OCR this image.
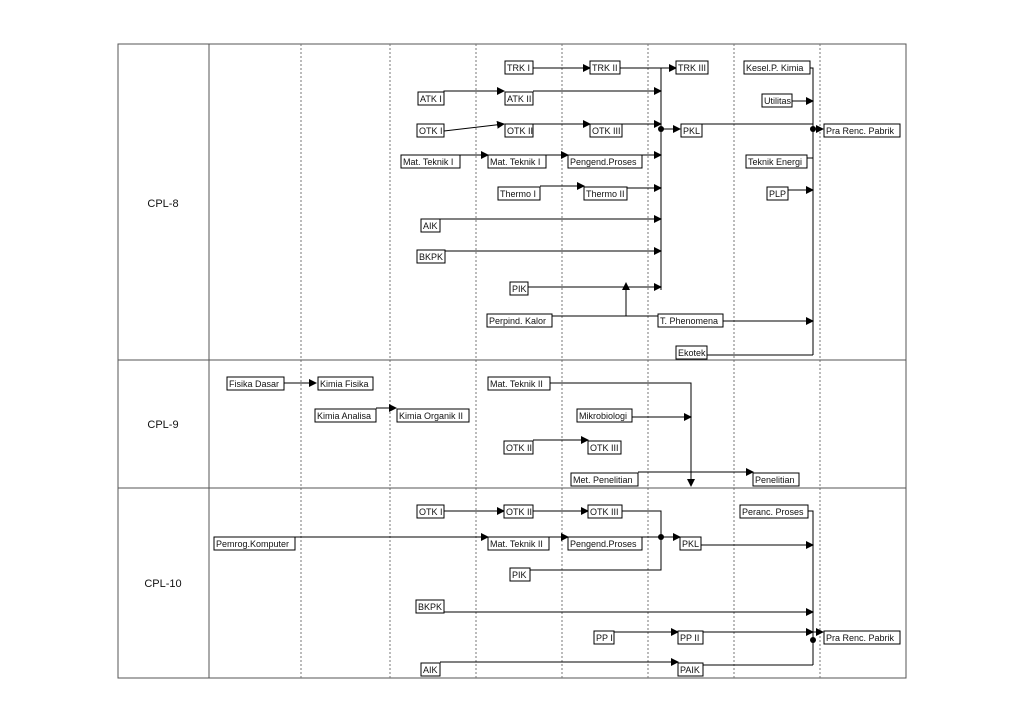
CPL-8
CPL-9
CPL-10
TRK I	TRK II	TRK III	Kesel.P. Kimia
ATK I	ATK II	Utilitas
OTK I	OTK II	OTK III	PKL	Pra Renc. Pabrik
Mat. Teknik I	Mat. Teknik I	Pengend.Proses	Teknik Energi
Thermo I	Thermo II	PLP
AIK
BKPK
PIK
Perpind. Kalor	T. Phenomena
Ekotek
Fisika Dasar	Kimia Fisika	Mat. Teknik II
Kimia Analisa	Kimia Organik II	Mikrobiologi
OTK II	OTK III
Met. Penelitian	Penelitian
OTK I	OTK II	OTK III	Peranc. Proses
Pemrog.Komputer	Mat. Teknik II	Pengend.Proses	PKL
PIK
BKPK
PP I	PP II	Pra Renc. Pabrik
AIK	PAIK
